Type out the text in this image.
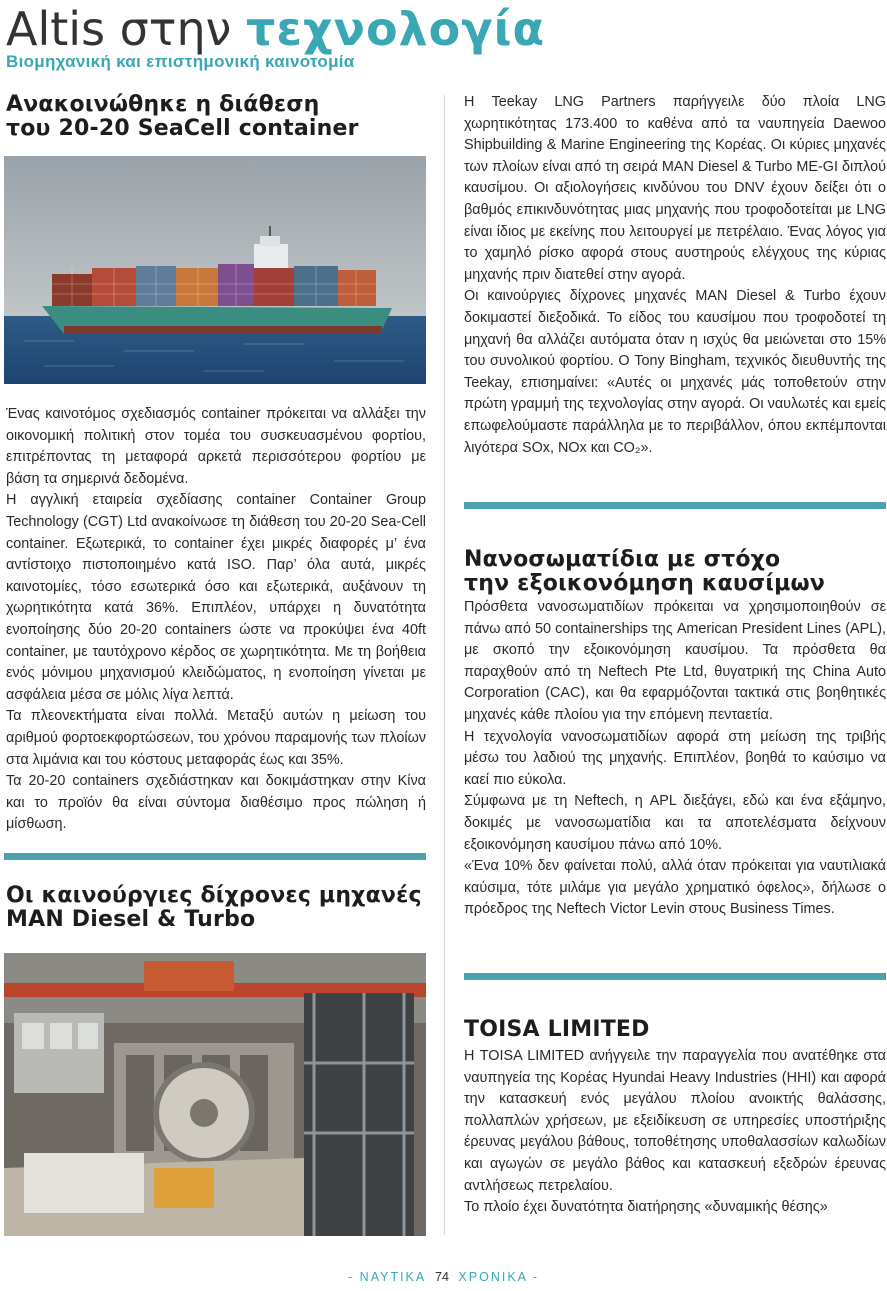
Altis στην τεχνολογία
Βιομηχανική και επιστημονική καινοτομία
Ανακοινώθηκε η διάθεση
του 20-20 SeaCell container

Ένας καινοτόμος σχεδιασμός container πρόκειται να αλλάξει την οικονομική πολιτική στον τομέα του συσκευασμένου φορτίου, επιτρέποντας τη μεταφορά αρκετά περισσότερου φορτίου με βάση τα σημερινά δεδομένα.

Η αγγλική εταιρεία σχεδίασης container Container Group Technology (CGT) Ltd ανακοίνωσε τη διάθεση του 20-20 Sea-Cell container. Εξωτερικά, το container έχει μικρές διαφορές μ’ ένα αντίστοιχο πιστοποιημένο κατά ISO. Παρ’ όλα αυτά, μικρές καινοτομίες, τόσο εσωτερικά όσο και εξωτερικά, αυξάνουν τη χωρητικότητα κατά 36%. Επιπλέον, υπάρχει η δυνατότητα ενοποίησης δύο 20-20 containers ώστε να προκύψει ένα 40ft container, με ταυτόχρονο κέρδος σε χωρητικότητα. Με τη βοήθεια ενός μόνιμου μηχανισμού κλειδώματος, η ενοποίηση γίνεται με ασφάλεια μέσα σε μόλις λίγα λεπτά.

Τα πλεονεκτήματα είναι πολλά. Μεταξύ αυτών η μείωση του αριθμού φορτοεκφορτώσεων, του χρόνου παραμονής των πλοίων στα λιμάνια και του κόστους μεταφοράς έως και 35%.

Τα 20-20 containers σχεδιάστηκαν και δοκιμάστηκαν στην Κίνα και το προϊόν θα είναι σύντομα διαθέσιμο προς πώληση ή μίσθωση.

Οι καινούργιες δίχρονες μηχανές
MAN Diesel & Turbo

Η Teekay LNG Partners παρήγγειλε δύο πλοία LNG χωρητικότητας 173.400 το καθένα από τα ναυπηγεία Daewoo Shipbuilding & Marine Engineering της Κορέας. Οι κύριες μηχανές των πλοίων είναι από τη σειρά MAN Diesel & Turbo ME-GI διπλού καυσίμου. Οι αξιολογήσεις κινδύνου του DNV έχουν δείξει ότι ο βαθμός επικινδυνότητας μιας μηχανής που τροφοδοτείται με LNG είναι ίδιος με εκείνης που λειτουργεί με πετρέλαιο. Ένας λόγος για το χαμηλό ρίσκο αφορά στους αυστηρούς ελέγχους της κύριας μηχανής πριν διατεθεί στην αγορά.

Οι καινούργιες δίχρονες μηχανές MAN Diesel & Turbo έχουν δοκιμαστεί διεξοδικά. Το είδος του καυσίμου που τροφοδοτεί τη μηχανή θα αλλάζει αυτόματα όταν η ισχύς θα μειώνεται στο 15% του συνολικού φορτίου. Ο Tony Bingham, τεχνικός διευθυντής της Teekay, επισημαίνει: «Αυτές οι μηχανές μάς τοποθετούν στην πρώτη γραμμή της τεχνολογίας στην αγορά. Οι ναυλωτές και εμείς επωφελούμαστε παράλληλα με το περιβάλλον, όπου εκπέμπονται λιγότερα SOx, NOx και CO₂».

Νανοσωματίδια με στόχο
την εξοικονόμηση καυσίμων

Πρόσθετα νανοσωματιδίων πρόκειται να χρησιμοποιηθούν σε πάνω από 50 containerships της American President Lines (APL), με σκοπό την εξοικονόμηση καυσίμου. Τα πρόσθετα θα παραχθούν από τη Neftech Pte Ltd, θυγατρική της China Auto Corporation (CAC), και θα εφαρμόζονται τακτικά στις βοηθητικές μηχανές κάθε πλοίου για την επόμενη πενταετία.

Η τεχνολογία νανοσωματιδίων αφορά στη μείωση της τριβής μέσω του λαδιού της μηχανής. Επιπλέον, βοηθά το καύσιμο να καεί πιο εύκολα.

Σύμφωνα με τη Neftech, η APL διεξάγει, εδώ και ένα εξάμηνο, δοκιμές με νανοσωματίδια και τα αποτελέσματα δείχνουν εξοικονόμηση καυσίμου πάνω από 10%.

«Ένα 10% δεν φαίνεται πολύ, αλλά όταν πρόκειται για ναυτιλιακά καύσιμα, τότε μιλάμε για μεγάλο χρηματικό όφελος», δήλωσε ο πρόεδρος της Neftech Victor Levin στους Business Times.

TOISA LIMITED

Η TOISA LIMITED ανήγγειλε την παραγγελία που ανατέθηκε στα ναυπηγεία της Κορέας Hyundai Heavy Industries (HHI) και αφορά την κατασκευή ενός μεγάλου πλοίου ανοικτής θαλάσσης, πολλαπλών χρήσεων, με εξειδίκευση σε υπηρεσίες υποστήριξης έρευνας μεγάλου βάθους, τοποθέτησης υποθαλασσίων καλωδίων και αγωγών σε μεγάλο βάθος και κατασκευή εξεδρών έρευνας αντλήσεως πετρελαίου.

Το πλοίο έχει δυνατότητα διατήρησης «δυναμικής θέσης»

- ΝΑΥΤΙΚΑ 74 ΧΡΟΝΙΚΑ -
